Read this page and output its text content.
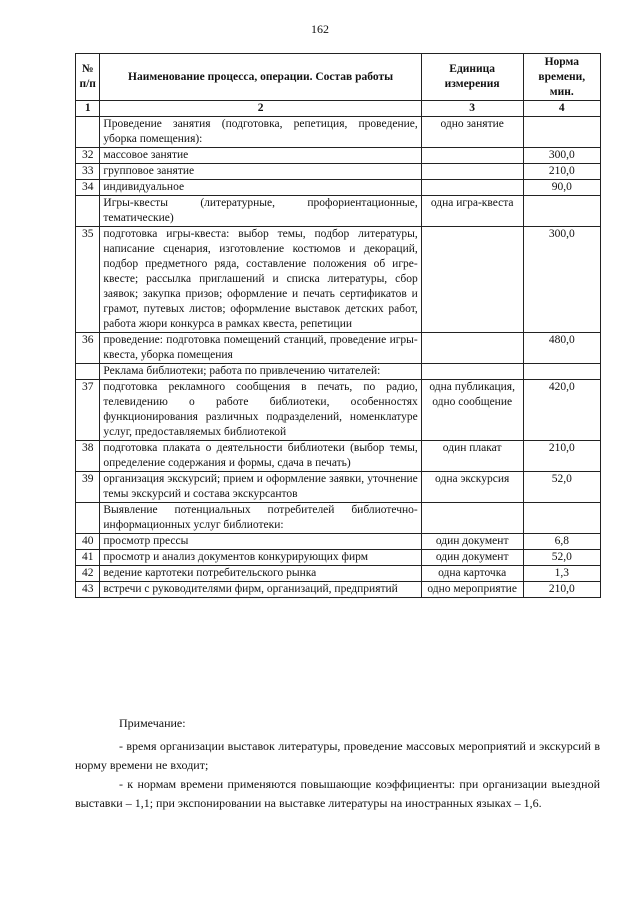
162
№ п/п	Наименование процесса, операции. Состав работы	Единица измерения	Норма времени, мин.
1	2	3	4
	Проведение занятия (подготовка, репетиция, проведение, уборка помещения):	одно занятие	
32	массовое занятие		300,0
33	групповое занятие		210,0
34	индивидуальное		90,0
	Игры-квесты (литературные, профориентационные, тематические)	одна игра-квеста	
35	подготовка игры-квеста: выбор темы, подбор литературы, написание сценария, изготовление костюмов и декораций, подбор предметного ряда, составление положения об игре-квесте; рассылка приглашений и списка литературы, сбор заявок; закупка призов; оформление и печать сертификатов и грамот, путевых листов; оформление выставок детских работ, работа жюри конкурса в рамках квеста, репетиции		300,0
36	проведение: подготовка помещений станций, проведение игры-квеста, уборка помещения		480,0
	Реклама библиотеки; работа по привлечению читателей:		
37	подготовка рекламного сообщения в печать, по радио, телевидению о работе библиотеки, особенностях функционирования различных подразделений, номенклатуре услуг, предоставляемых библиотекой	одна публикация, одно сообщение	420,0
38	подготовка плаката о деятельности библиотеки (выбор темы, определение содержания и формы, сдача в печать)	один плакат	210,0
39	организация экскурсий; прием и оформление заявки, уточнение темы экскурсий и состава экскурсантов	одна экскурсия	52,0
	Выявление потенциальных потребителей библиотечно-информационных услуг библиотеки:		
40	просмотр прессы	один документ	6,8
41	просмотр и анализ документов конкурирующих фирм	один документ	52,0
42	ведение картотеки потребительского рынка	одна карточка	1,3
43	встречи с руководителями фирм, организаций, предприятий	одно мероприятие	210,0

Примечание:

- время организации выставок литературы, проведение массовых мероприятий и экскурсий в норму времени не входит;

- к нормам времени применяются повышающие коэффициенты: при организации выездной выставки – 1,1; при экспонировании на выставке литературы на иностранных языках – 1,6.
